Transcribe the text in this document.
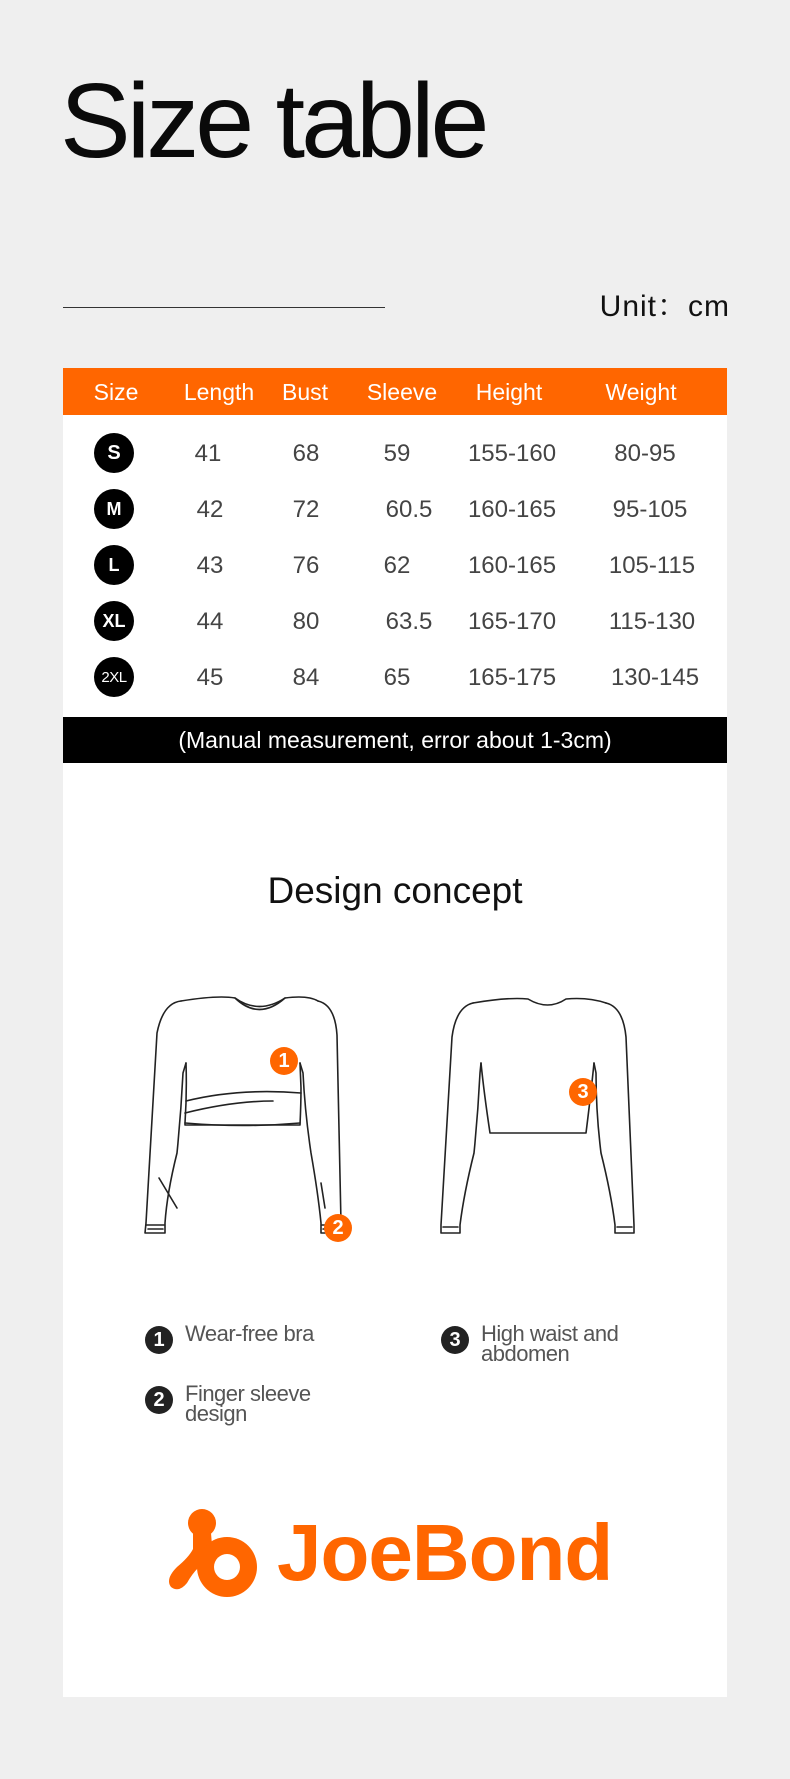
Size table
Unit：cm
Size Length Bust Sleeve Height	Weight
S	41	68	59 155-160 80-95
M	42	72	60.5 160-165 95-105
L	43	76	62 160-165 105-115
XL	44	80	63.5 165-170 115-130
2XL	45	84	65 165-175 130-145
(Manual measurement, error about 1-3cm)
Design concept
1
2
3
1 Wear-free bra
2 Finger sleeve
design
3 High waist and
abdomen
JoeBond
